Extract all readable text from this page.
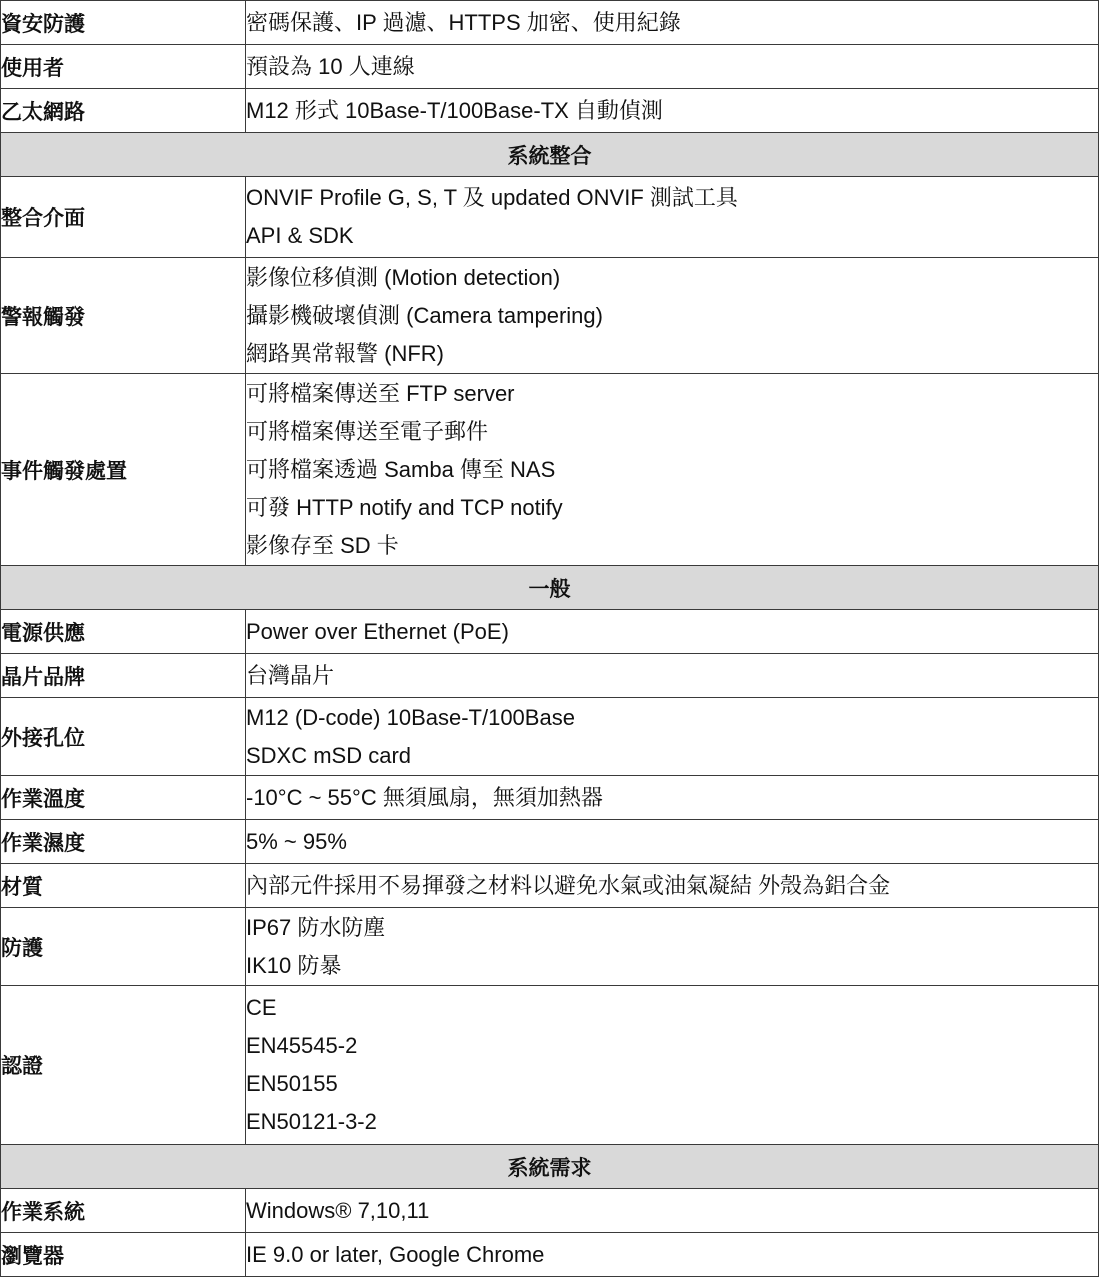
資安防護	密碼保護、IP 過濾、HTTPS 加密、使用紀錄

使用者	預設為 10 人連線

乙太網路	M12 形式 10Base-T/100Base-TX 自動偵測

系統整合	
整合介面	ONVIF Profile G, S, T 及 updated ONVIF 測試工具
API & SDK

警報觸發	影像位移偵測 (Motion detection)
攝影機破壞偵測 (Camera tampering)
網路異常報警 (NFR)

事件觸發處置	可將檔案傳送至 FTP server
可將檔案傳送至電子郵件
可將檔案透過 Samba 傳至 NAS
可發 HTTP notify and TCP notify
影像存至 SD 卡

一般	
電源供應	Power over Ethernet (PoE)

晶片品牌	台灣晶片

外接孔位	M12 (D-code) 10Base-T/100Base
SDXC mSD card

作業溫度	-10°C ~ 55°C 無須風扇，無須加熱器

作業濕度	5% ~ 95%

材質	內部元件採用不易揮發之材料以避免水氣或油氣凝結 外殼為鋁合金

防護	IP67 防水防塵
IK10 防暴

認證	CE
EN45545-2
EN50155
EN50121-3-2

系統需求	
作業系統	Windows® 7,10,11

瀏覽器	IE 9.0 or later, Google Chrome
